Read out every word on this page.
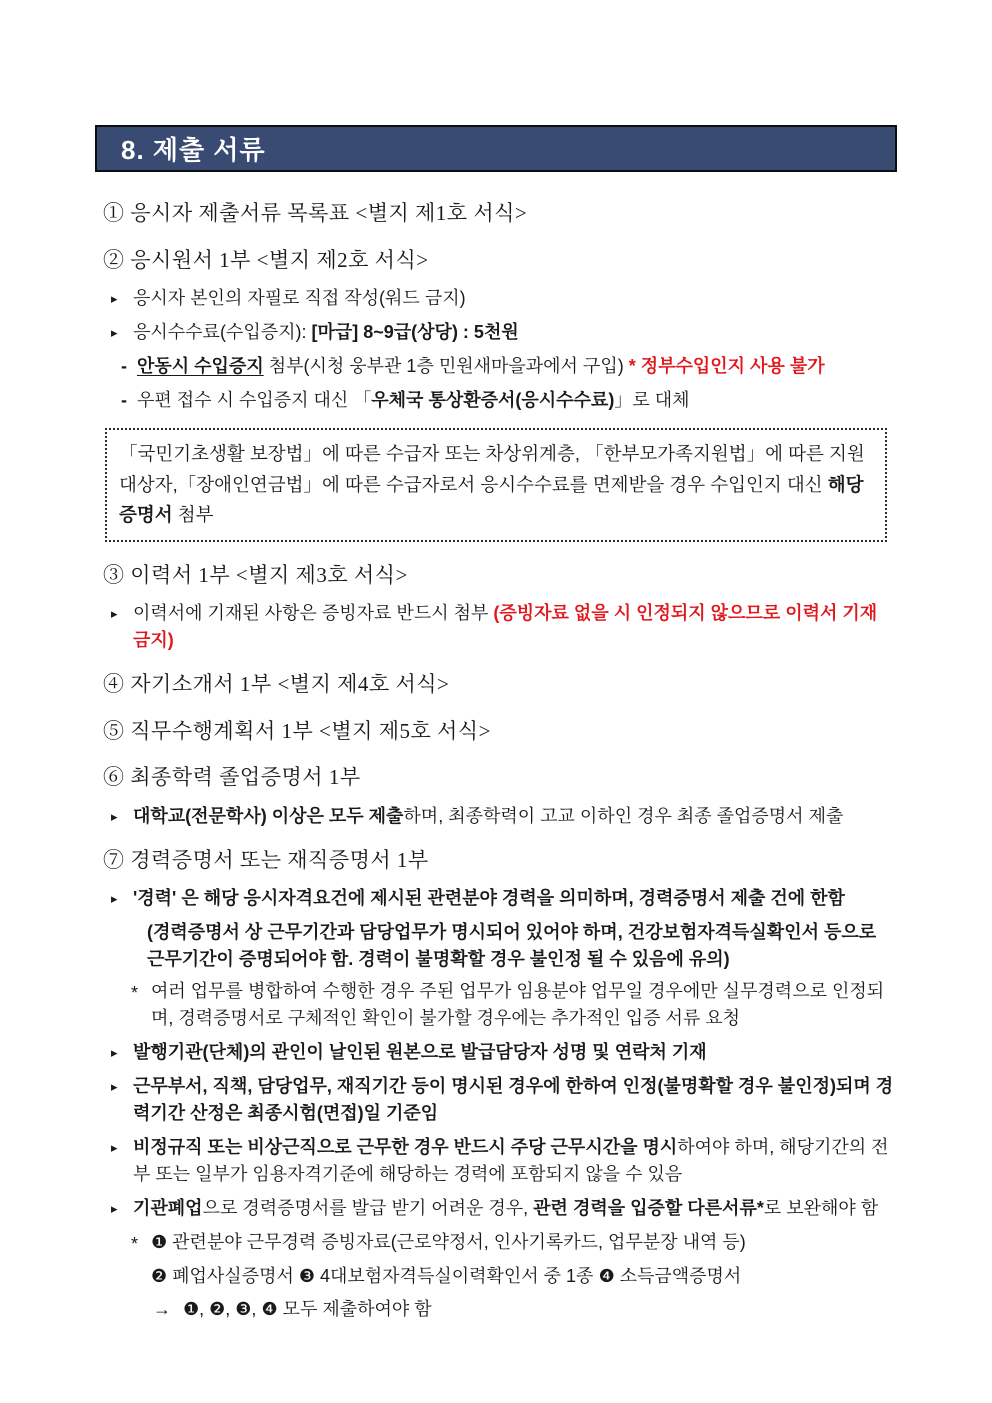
8. 제출 서류
① 응시자 제출서류 목록표 <별지 제1호 서식>
② 응시원서 1부 <별지 제2호 서식>
▸ 응시자 본인의 자필로 직접 작성(워드 금지)
▸ 응시수수료(수입증지): [마급] 8~9급(상당) : 5천원
- 안동시 수입증지 첨부(시청 웅부관 1층 민원새마을과에서 구입) * 정부수입인지 사용 불가
- 우편 접수 시 수입증지 대신 「우체국 통상환증서(응시수수료)」로 대체
「국민기초생활 보장법」에 따른 수급자 또는 차상위계층, 「한부모가족지원법」에 따른 지원대상자,「장애인연금법」에 따른 수급자로서 응시수수료를 면제받을 경우 수입인지 대신 해당 증명서 첨부
③ 이력서 1부 <별지 제3호 서식>
▸ 이력서에 기재된 사항은 증빙자료 반드시 첨부 (증빙자료 없을 시 인정되지 않으므로 이력서 기재 금지)
④ 자기소개서 1부 <별지 제4호 서식>
⑤ 직무수행계획서 1부 <별지 제5호 서식>
⑥ 최종학력 졸업증명서 1부
▸ 대학교(전문학사) 이상은 모두 제출하며, 최종학력이 고교 이하인 경우 최종 졸업증명서 제출
⑦ 경력증명서 또는 재직증명서 1부
▸ '경력' 은 해당 응시자격요건에 제시된 관련분야 경력을 의미하며, 경력증명서 제출 건에 한함
(경력증명서 상 근무기간과 담당업무가 명시되어 있어야 하며, 건강보험자격득실확인서 등으로 근무기간이 증명되어야 함. 경력이 불명확할 경우 불인정 될 수 있음에 유의)
* 여러 업무를 병합하여 수행한 경우 주된 업무가 임용분야 업무일 경우에만 실무경력으로 인정되며, 경력증명서로 구체적인 확인이 불가할 경우에는 추가적인 입증 서류 요청
▸ 발행기관(단체)의 관인이 날인된 원본으로 발급담당자 성명 및 연락처 기재
▸ 근무부서, 직책, 담당업무, 재직기간 등이 명시된 경우에 한하여 인정(불명확할 경우 불인정)되며 경력기간 산정은 최종시험(면접)일 기준임
▸ 비정규직 또는 비상근직으로 근무한 경우 반드시 주당 근무시간을 명시하여야 하며, 해당기간의 전부 또는 일부가 임용자격기준에 해당하는 경력에 포함되지 않을 수 있음
▸ 기관폐업으로 경력증명서를 발급 받기 어려운 경우, 관련 경력을 입증할 다른서류*로 보완해야 함
* ❶ 관련분야 근무경력 증빙자료(근로약정서, 인사기록카드, 업무분장 내역 등)
❷ 폐업사실증명서 ❸ 4대보험자격득실이력확인서 중 1종 ❹ 소득금액증명서
→ ❶, ❷, ❸, ❹ 모두 제출하여야 함
